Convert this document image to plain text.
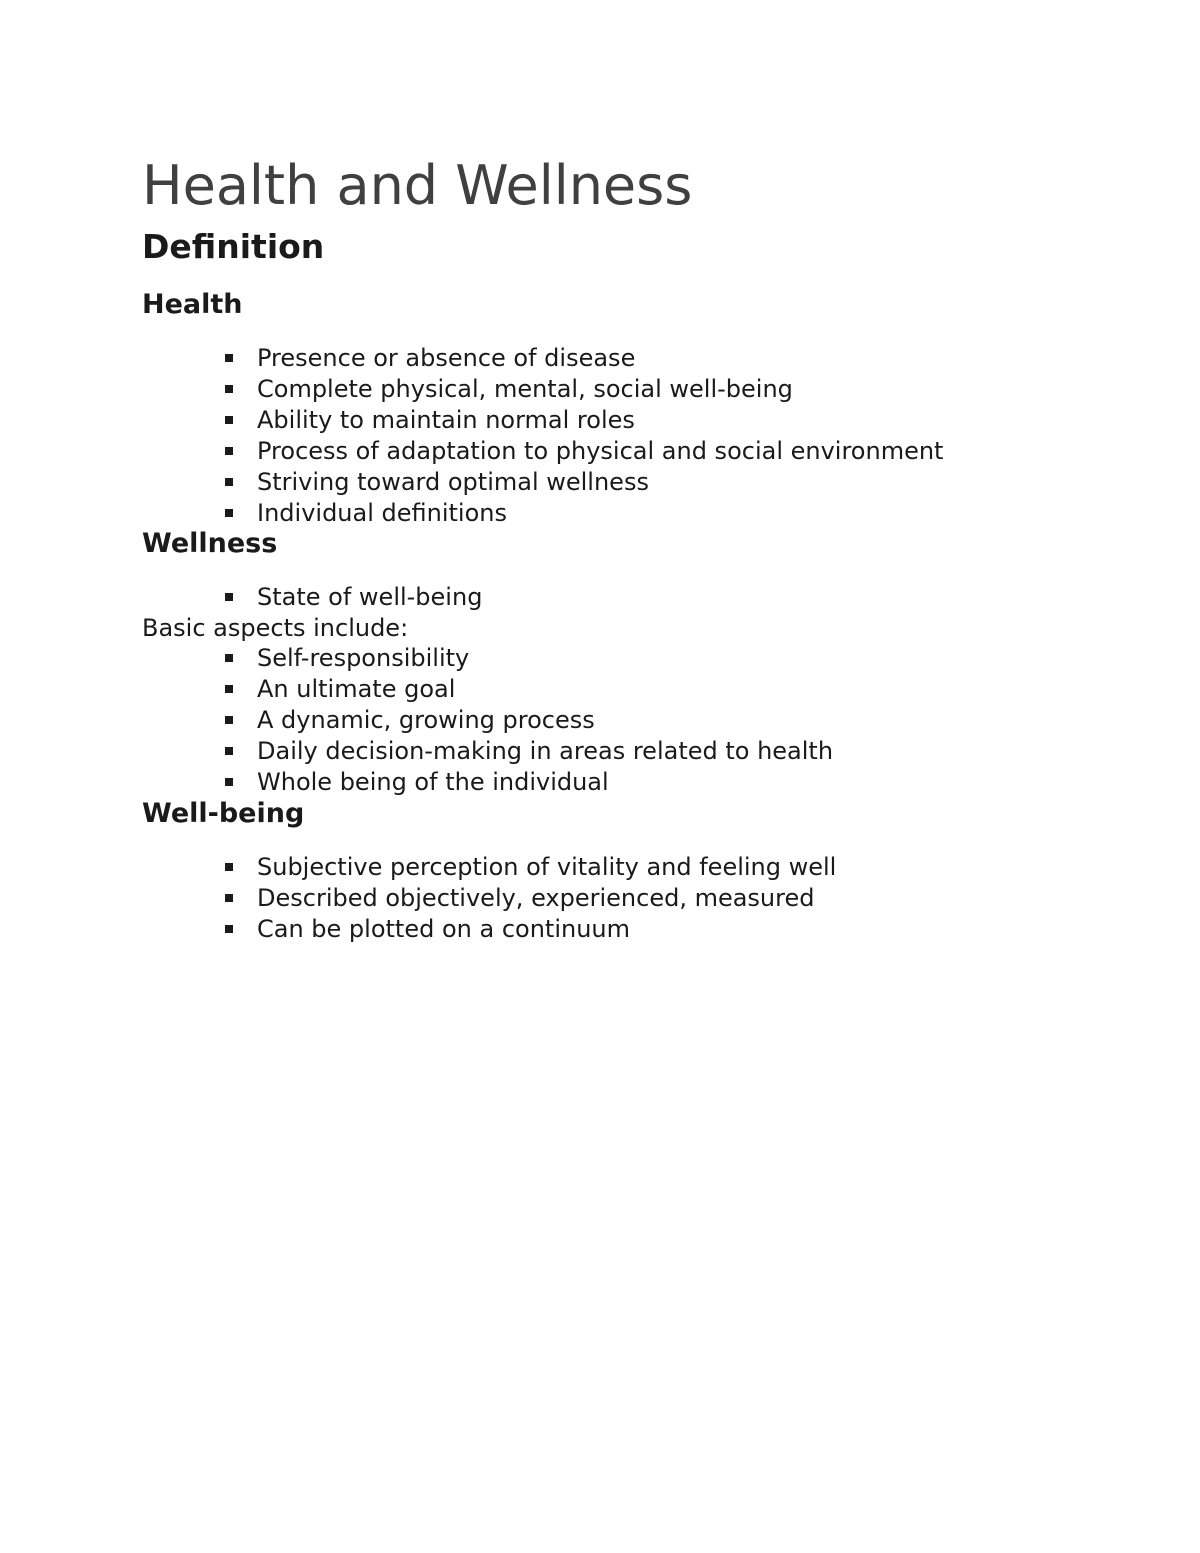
Health and Wellness
Definition
Health
Presence or absence of disease
Complete physical, mental, social well-being
Ability to maintain normal roles
Process of adaptation to physical and social environment
Striving toward optimal wellness
Individual definitions
Wellness
State of well-being

Basic aspects include:

Self-responsibility
An ultimate goal
A dynamic, growing process
Daily decision-making in areas related to health
Whole being of the individual
Well-being
Subjective perception of vitality and feeling well
Described objectively, experienced, measured
Can be plotted on a continuum
